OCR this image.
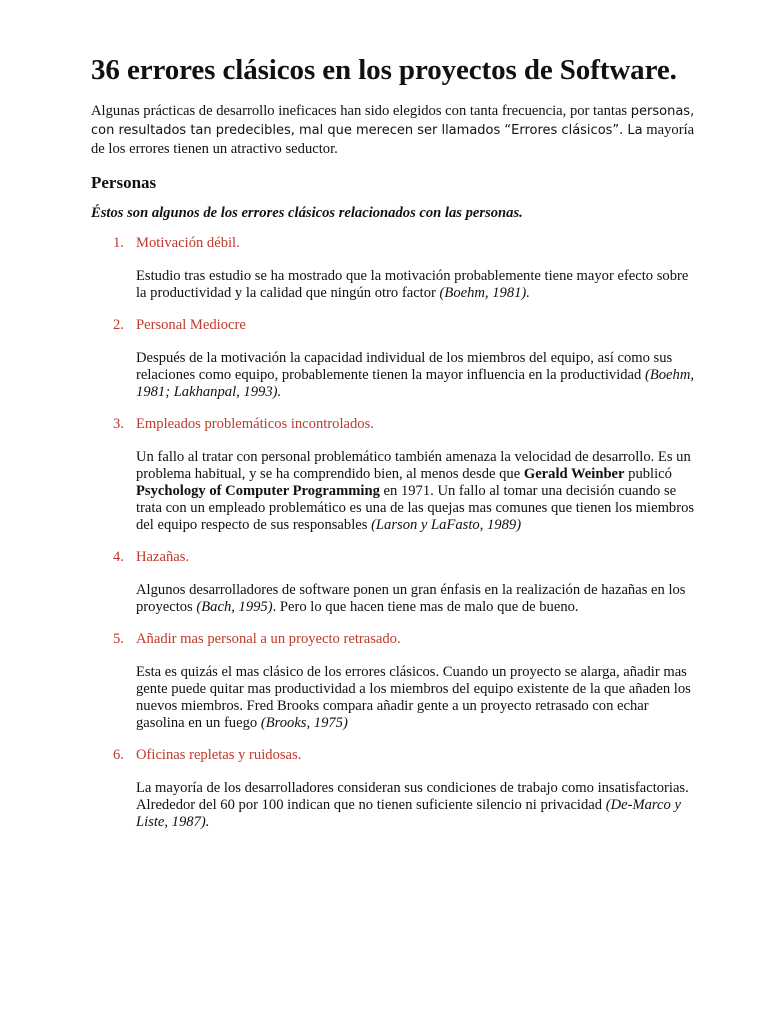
36 errores clásicos en los proyectos de Software.

Algunas prácticas de desarrollo ineficaces han sido elegidos con tanta frecuencia, por tantas personas, con resultados tan predecibles, mal que merecen ser llamados “Errores clásicos”. La mayoría de los errores tienen un atractivo seductor.

Personas

Éstos son algunos de los errores clásicos relacionados con las personas.

1. Motivación débil.

Estudio tras estudio se ha mostrado que la motivación probablemente tiene mayor efecto sobre la productividad y la calidad que ningún otro factor (Boehm, 1981).

2. Personal Mediocre

Después de la motivación la capacidad individual de los miembros del equipo, así como sus relaciones como equipo, probablemente tienen la mayor influencia en la productividad (Boehm, 1981; Lakhanpal, 1993).

3. Empleados problemáticos incontrolados.

Un fallo al tratar con personal problemático también amenaza la velocidad de desarrollo. Es un problema habitual, y se ha comprendido bien, al menos desde que Gerald Weinber publicó Psychology of Computer Programming en 1971. Un fallo al tomar una decisión cuando se trata con un empleado problemático es una de las quejas mas comunes que tienen los miembros del equipo respecto de sus responsables (Larson y LaFasto, 1989)

4. Hazañas.

Algunos desarrolladores de software ponen un gran énfasis en la realización de hazañas en los proyectos (Bach, 1995). Pero lo que hacen tiene mas de malo que de bueno.

5. Añadir mas personal a un proyecto retrasado.

Esta es quizás el mas clásico de los errores clásicos. Cuando un proyecto se alarga, añadir mas gente puede quitar mas productividad a los miembros del equipo existente de la que añaden los nuevos miembros. Fred Brooks compara añadir gente a un proyecto retrasado con echar gasolina en un fuego (Brooks, 1975)

6. Oficinas repletas y ruidosas.

La mayoría de los desarrolladores consideran sus condiciones de trabajo como insatisfactorias. Alrededor del 60 por 100 indican que no tienen suficiente silencio ni privacidad (De-Marco y Liste, 1987).
